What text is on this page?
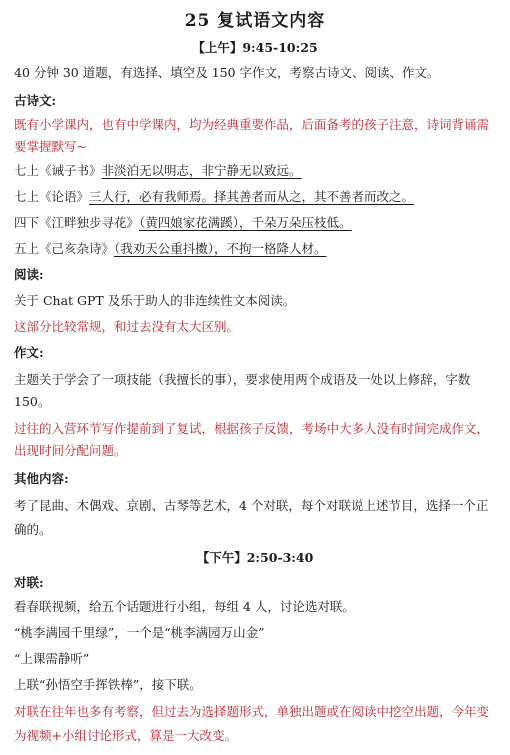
25 复试语文内容
【上午】9:45-10:25
40 分钟 30 道题，有选择、填空及 150 字作文，考察古诗文、阅读、作文。
古诗文:
既有小学课内，也有中学课内，均为经典重要作品，后面备考的孩子注意，诗词背诵需要掌握默写~
七上《诫子书》非淡泊无以明志，非宁静无以致远。
七上《论语》三人行，必有我师焉。择其善者而从之，其不善者而改之。
四下《江畔独步寻花》（黄四娘家花满蹊），千朵万朵压枝低。
五上《己亥杂诗》（我劝天公重抖擞），不拘一格降人材。
阅读:
关于 Chat GPT 及乐于助人的非连续性文本阅读。
这部分比较常规，和过去没有太大区别。
作文:
主题关于学会了一项技能（我擅长的事），要求使用两个成语及一处以上修辞，字数 150。
过往的入营环节写作提前到了复试，根据孩子反馈，考场中大多人没有时间完成作文，出现时间分配问题。
其他内容:
考了昆曲、木偶戏、京剧、古琴等艺术，4 个对联，每个对联说上述节目，选择一个正确的。
【下午】2:50-3:40
对联:
看春联视频，给五个话题进行小组，每组 4 人，讨论选对联。
“桃李满园千里绿”，一个是“桃李满园万山金”
“上课需静听”
上联“孙悟空手挥铁棒”，接下联。
对联在往年也多有考察，但过去为选择题形式，单独出题或在阅读中挖空出题，今年变为视频+小组讨论形式，算是一大改变。
